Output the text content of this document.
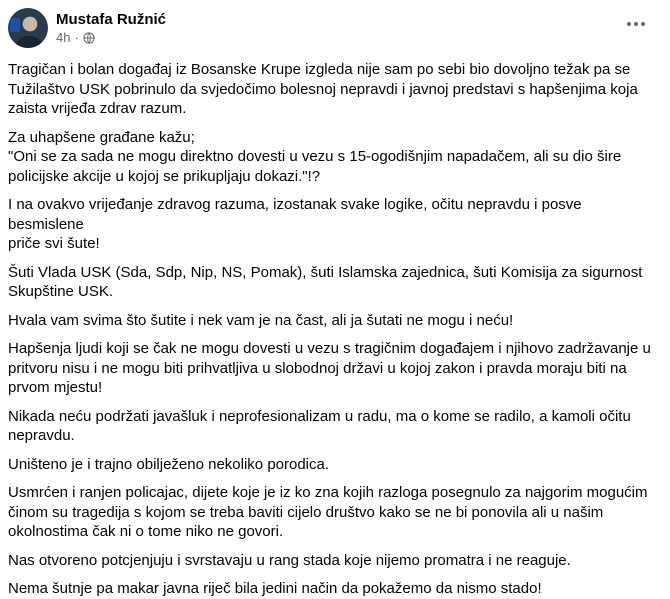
Mustafa Ružnić
4h ·

Tragičan i bolan događaj iz Bosanske Krupe izgleda nije sam po sebi bio dovoljno težak pa se
Tužilaštvo USK pobrinulo da svjedočimo bolesnoj nepravdi i javnoj predstavi s hapšenjima koja
zaista vrijeđa zdrav razum.

Za uhapšene građane kažu;
"Oni se za sada ne mogu direktno dovesti u vezu s 15-ogodišnjim napadačem, ali su dio šire
policijske akcije u kojoj se prikupljaju dokazi."!?

I na ovakvo vrijeđanje zdravog razuma, izostanak svake logike, očitu nepravdu i posve besmislene
priče svi šute!

Šuti Vlada USK (Sda, Sdp, Nip, NS, Pomak), šuti Islamska zajednica, šuti Komisija za sigurnost
Skupštine USK.

Hvala vam svima što šutite i nek vam je na čast, ali ja šutati ne mogu i neću!

Hapšenja ljudi koji se čak ne mogu dovesti u vezu s tragičnim događajem i njihovo zadržavanje u
pritvoru nisu i ne mogu biti prihvatljiva u slobodnoj državi u kojoj zakon i pravda moraju biti na
prvom mjestu!

Nikada neću podržati javašluk i neprofesionalizam u radu, ma o kome se radilo, a kamoli očitu
nepravdu.

Uništeno je i trajno obilježeno nekoliko porodica.

Usmrćen i ranjen policajac, dijete koje je iz ko zna kojih razloga posegnulo za najgorim mogućim
činom su tragedija s kojom se treba baviti cijelo društvo kako se ne bi ponovila ali u našim
okolnostima čak ni o tome niko ne govori.

Nas otvoreno potcjenjuju i svrstavaju u rang stada koje nijemo promatra i ne reaguje.

Nema šutnje pa makar javna riječ bila jedini način da pokažemo da nismo stado!
